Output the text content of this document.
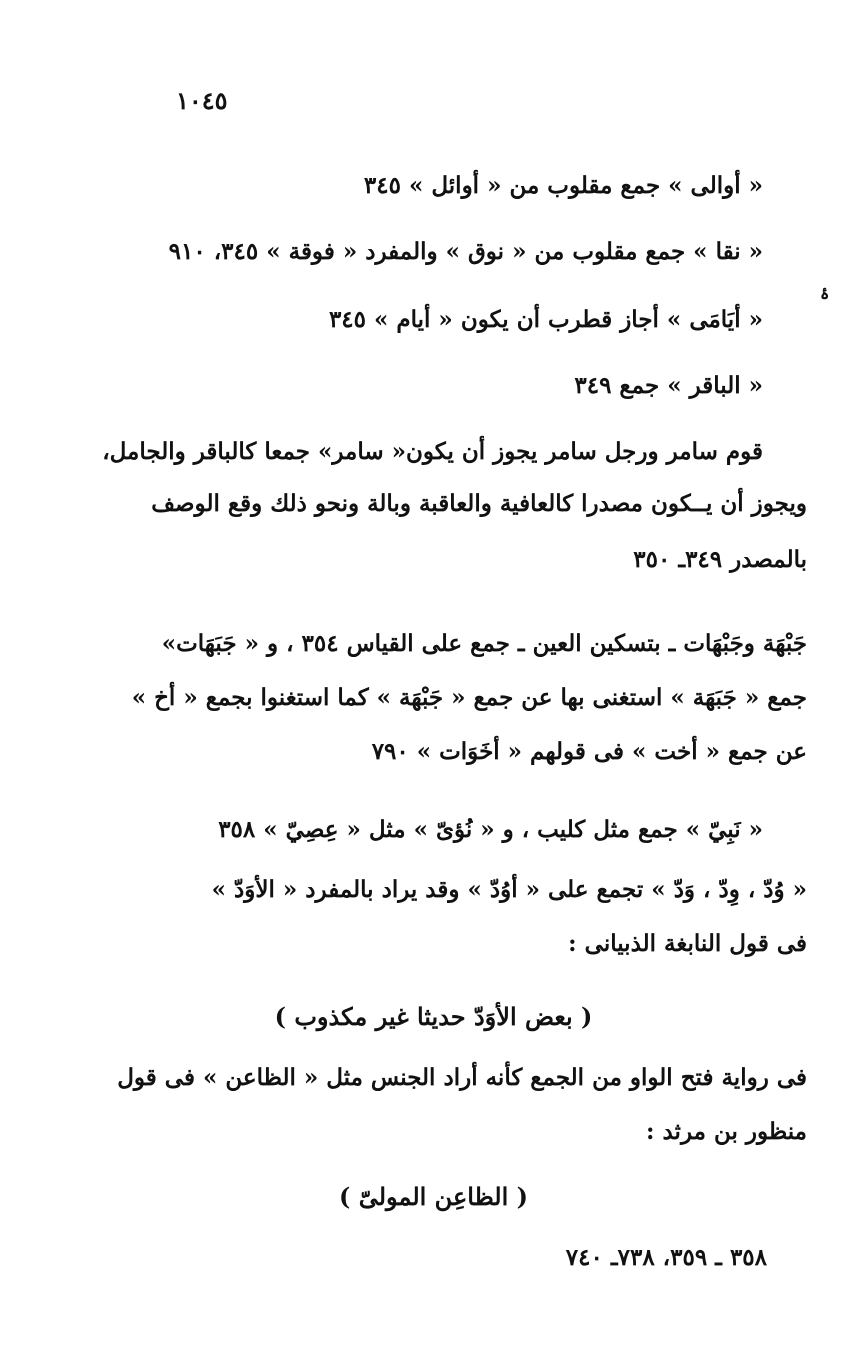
١٠٤٥
ۀ
« أوالى » جمع مقلوب من « أوائل » ٣٤٥
« نقا » جمع مقلوب من « نوق » والمفرد « فوقة » ٣٤٥، ٩١٠
« أيَامَى » أجاز قطرب أن يكون « أيام » ٣٤٥
« الباقر » جمع ٣٤٩
قوم سامر ورجل سامر يجوز أن يكون« سامر» جمعا كالباقر والجامل،
ويجوز أن يــكون مصدرا كالعافية والعاقبة وبالة ونحو ذلك وقع الوصف
بالمصدر ٣٤٩ـ ٣٥٠
جَبْهَة وجَبْهَات ـ بتسكين العين ـ جمع على القياس ٣٥٤ ، و « جَبَهَات»
جمع « جَبَهَة » استغنى بها عن جمع « جَبْهَة » كما استغنوا بجمع « أخ »
عن جمع « أخت » فى قولهم « أخَوَات » ٧٩٠
« نَبِيّ » جمع مثل كليب ، و « نُؤىّ » مثل « عِصِيّ » ٣٥٨
« وُدّ ، وِدّ ، وَدّ » تجمع على « أوُدّ » وقد يراد بالمفرد « الأوَدّ »
فى قول النابغة الذبيانى :
( بعض الأوَدّ حديثا غير مكذوب )
فى رواية فتح الواو من الجمع كأنه أراد الجنس مثل « الظاعن » فى قول
منظور بن مرثد :
( الظاعِن المولىّ )
٣٥٨ ـ ٣٥٩، ٧٣٨ـ ٧٤٠
